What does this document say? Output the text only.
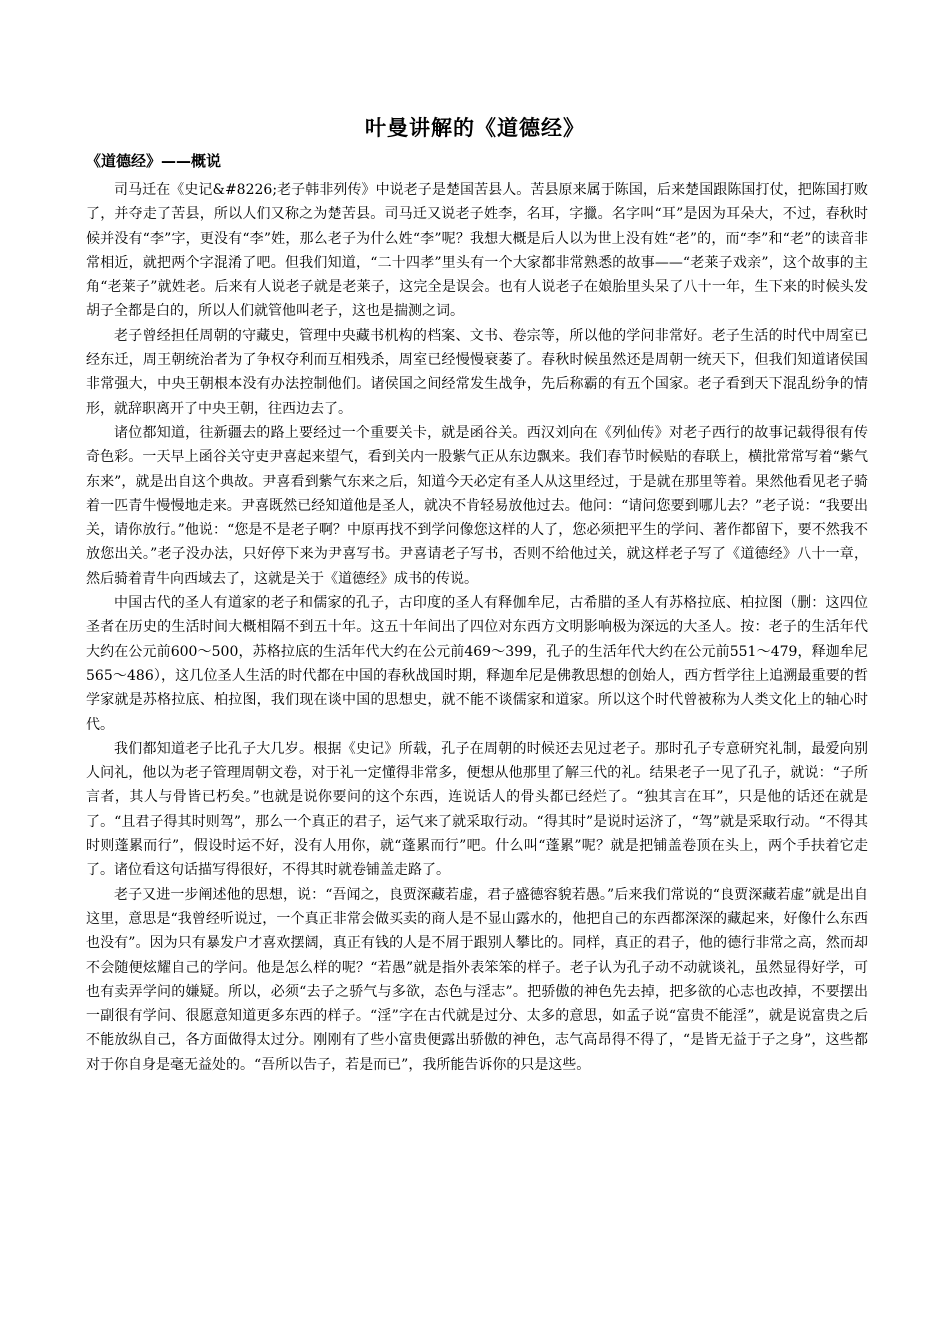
叶曼讲解的《道德经》
《道德经》——概说

司马迁在《史记&#8226;老子韩非列传》中说老子是楚国苦县人。苦县原来属于陈国，后来楚国跟陈国打仗，把陈国打败了，并夺走了苦县，所以人们又称之为楚苦县。司马迁又说老子姓李，名耳，字擸。名字叫“耳”是因为耳朵大，不过，春秋时候并没有“李”字，更没有“李”姓，那么老子为什么姓“李”呢？我想大概是后人以为世上没有姓“老”的，而“李”和“老”的读音非常相近，就把两个字混淆了吧。但我们知道，“二十四孝”里头有一个大家都非常熟悉的故事——“老莱子戏亲”，这个故事的主角“老莱子”就姓老。后来有人说老子就是老莱子，这完全是误会。也有人说老子在娘胎里头呆了八十一年，生下来的时候头发胡子全都是白的，所以人们就管他叫老子，这也是揣测之词。

老子曾经担任周朝的守藏史，管理中央藏书机构的档案、文书、卷宗等，所以他的学问非常好。老子生活的时代中周室已经东迁，周王朝统治者为了争权夺利而互相残杀，周室已经慢慢衰萎了。春秋时候虽然还是周朝一统天下，但我们知道诸侯国非常强大，中央王朝根本没有办法控制他们。诸侯国之间经常发生战争，先后称霸的有五个国家。老子看到天下混乱纷争的情形，就辞职离开了中央王朝，往西边去了。

诸位都知道，往新疆去的路上要经过一个重要关卡，就是函谷关。西汉刘向在《列仙传》对老子西行的故事记载得很有传奇色彩。一天早上函谷关守吏尹喜起来望气，看到关内一股紫气正从东边飘来。我们春节时候贴的春联上，横批常常写着“紫气东来”，就是出自这个典故。尹喜看到紫气东来之后，知道今天必定有圣人从这里经过，于是就在那里等着。果然他看见老子骑着一匹青牛慢慢地走来。尹喜既然已经知道他是圣人，就决不肯轻易放他过去。他问：“请问您要到哪儿去？”老子说：“我要出关，请你放行。”他说：“您是不是老子啊？中原再找不到学问像您这样的人了，您必须把平生的学问、著作都留下，要不然我不放您出关。”老子没办法，只好停下来为尹喜写书。尹喜请老子写书，否则不给他过关，就这样老子写了《道德经》八十一章，然后骑着青牛向西域去了，这就是关于《道德经》成书的传说。

中国古代的圣人有道家的老子和儒家的孔子，古印度的圣人有释伽牟尼，古希腊的圣人有苏格拉底、柏拉图（删：这四位圣者在历史的生活时间大概相隔不到五十年。这五十年间出了四位对东西方文明影响极为深远的大圣人。按：老子的生活年代大约在公元前600～500，苏格拉底的生活年代大约在公元前469～399，孔子的生活年代大约在公元前551～479，释迦牟尼565～486），这几位圣人生活的时代都在中国的春秋战国时期，释迦牟尼是佛教思想的创始人，西方哲学往上追溯最重要的哲学家就是苏格拉底、柏拉图，我们现在谈中国的思想史，就不能不谈儒家和道家。所以这个时代曾被称为人类文化上的轴心时代。

我们都知道老子比孔子大几岁。根据《史记》所载，孔子在周朝的时候还去见过老子。那时孔子专意研究礼制，最爱向别人问礼，他以为老子管理周朝文卷，对于礼一定懂得非常多，便想从他那里了解三代的礼。结果老子一见了孔子，就说：“子所言者，其人与骨皆已朽矣。”也就是说你要问的这个东西，连说话人的骨头都已经烂了。“独其言在耳”，只是他的话还在就是了。“且君子得其时则驾”，那么一个真正的君子，运气来了就采取行动。“得其时”是说时运济了，“驾”就是采取行动。“不得其时则蓬累而行”，假设时运不好，没有人用你，就“蓬累而行”吧。什么叫“蓬累”呢？就是把铺盖卷顶在头上，两个手扶着它走了。诸位看这句话描写得很好，不得其时就卷铺盖走路了。

老子又进一步阐述他的思想，说：“吾闻之，良贾深藏若虚，君子盛德容貌若愚。”后来我们常说的“良贾深藏若虚”就是出自这里，意思是“我曾经听说过，一个真正非常会做买卖的商人是不显山露水的，他把自己的东西都深深的藏起来，好像什么东西也没有”。因为只有暴发户才喜欢摆阔，真正有钱的人是不屑于跟别人攀比的。同样，真正的君子，他的德行非常之高，然而却不会随便炫耀自己的学问。他是怎么样的呢？“若愚”就是指外表笨笨的样子。老子认为孔子动不动就谈礼，虽然显得好学，可也有卖弄学问的嫌疑。所以，必须“去子之骄气与多欲，态色与淫志”。把骄傲的神色先去掉，把多欲的心志也改掉，不要摆出一副很有学问、很愿意知道更多东西的样子。“淫”字在古代就是过分、太多的意思，如孟子说“富贵不能淫”，就是说富贵之后不能放纵自己，各方面做得太过分。刚刚有了些小富贵便露出骄傲的神色，志气高昂得不得了，“是皆无益于子之身”，这些都对于你自身是毫无益处的。“吾所以告子，若是而已”，我所能告诉你的只是这些。
